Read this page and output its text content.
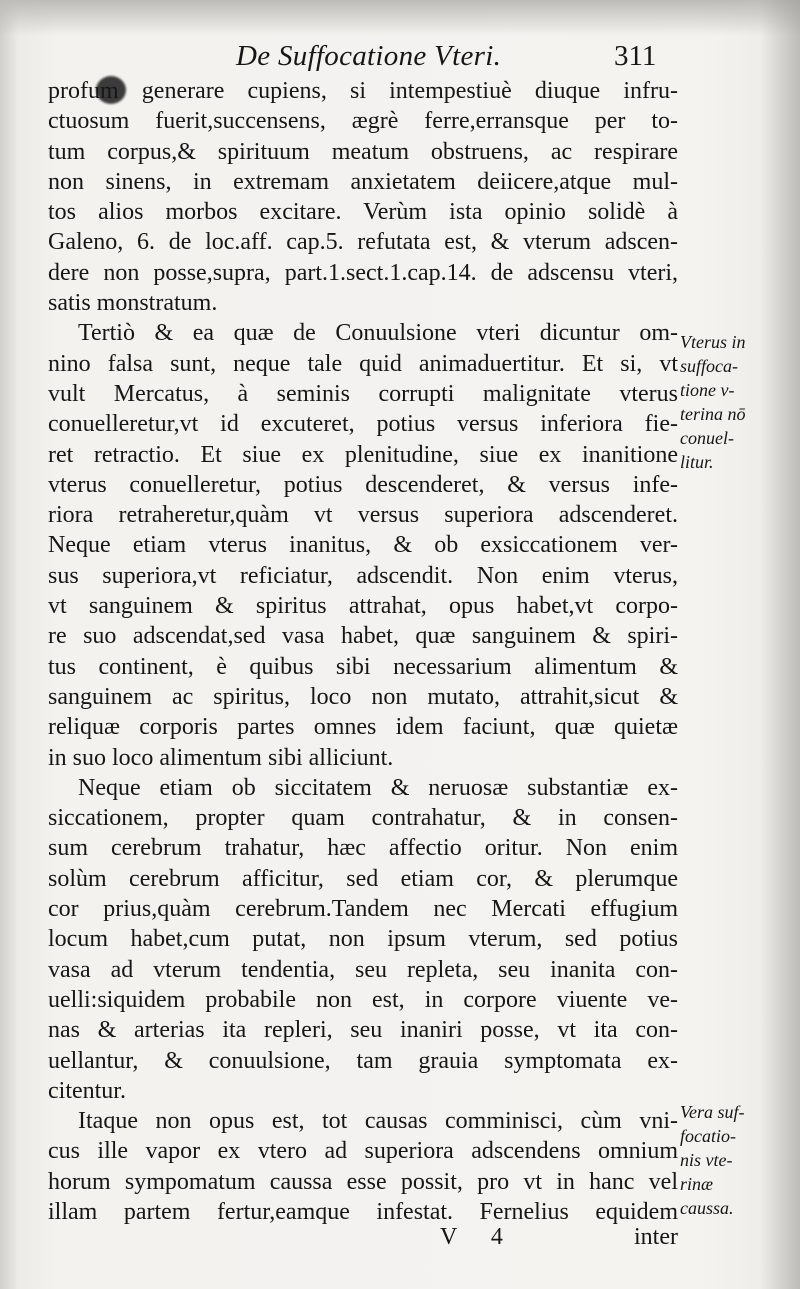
De Suffocatione Vteri.	311
profum generare cupiens, si intempestiuè diuque infru-
ctuosum fuerit,succensens, ægrè ferre,erransque per to-
tum corpus,& spirituum meatum obstruens, ac respirare
non sinens, in extremam anxietatem deiicere,atque mul-
tos alios morbos excitare. Verùm ista opinio solidè à
Galeno, 6. de loc.aff. cap.5. refutata est, & vterum adscen-
dere non posse,supra, part.1.sect.1.cap.14. de adscensu vteri,
satis monstratum.
Tertiò & ea quæ de Conuulsione vteri dicuntur om-
nino falsa sunt, neque tale quid animaduertitur. Et si, vt
vult Mercatus, à seminis corrupti malignitate vterus
conuelleretur,vt id excuteret, potius versus inferiora fie-
ret retractio. Et siue ex plenitudine, siue ex inanitione
vterus conuelleretur, potius descenderet, & versus infe-
riora retraheretur,quàm vt versus superiora adscenderet.
Neque etiam vterus inanitus, & ob exsiccationem ver-
sus superiora,vt reficiatur, adscendit. Non enim vterus,
vt sanguinem & spiritus attrahat, opus habet,vt corpo-
re suo adscendat,sed vasa habet, quæ sanguinem & spiri-
tus continent, è quibus sibi necessarium alimentum &
sanguinem ac spiritus, loco non mutato, attrahit,sicut &
reliquæ corporis partes omnes idem faciunt, quæ quietæ
in suo loco alimentum sibi alliciunt.
Neque etiam ob siccitatem & neruosæ substantiæ ex-
siccationem, propter quam contrahatur, & in consen-
sum cerebrum trahatur, hæc affectio oritur. Non enim
solùm cerebrum afficitur, sed etiam cor, & plerumque
cor prius,quàm cerebrum.Tandem nec Mercati effugium
locum habet,cum putat, non ipsum vterum, sed potius
vasa ad vterum tendentia, seu repleta, seu inanita con-
uelli:siquidem probabile non est, in corpore viuente ve-
nas & arterias ita repleri, seu inaniri posse, vt ita con-
uellantur, & conuulsione, tam grauia symptomata ex-
citentur.
Itaque non opus est, tot causas comminisci, cùm vni-
cus ille vapor ex vtero ad superiora adscendens omnium
horum sympomatum caussa esse possit, pro vt in hanc vel
illam partem fertur,eamque infestat. Fernelius equidem
Vterus in
suffoca-
tione v-
terina nō
conuel-
litur.
Vera suf-
focatio-
nis vte-
rinæ
caussa.
V 4	inter
